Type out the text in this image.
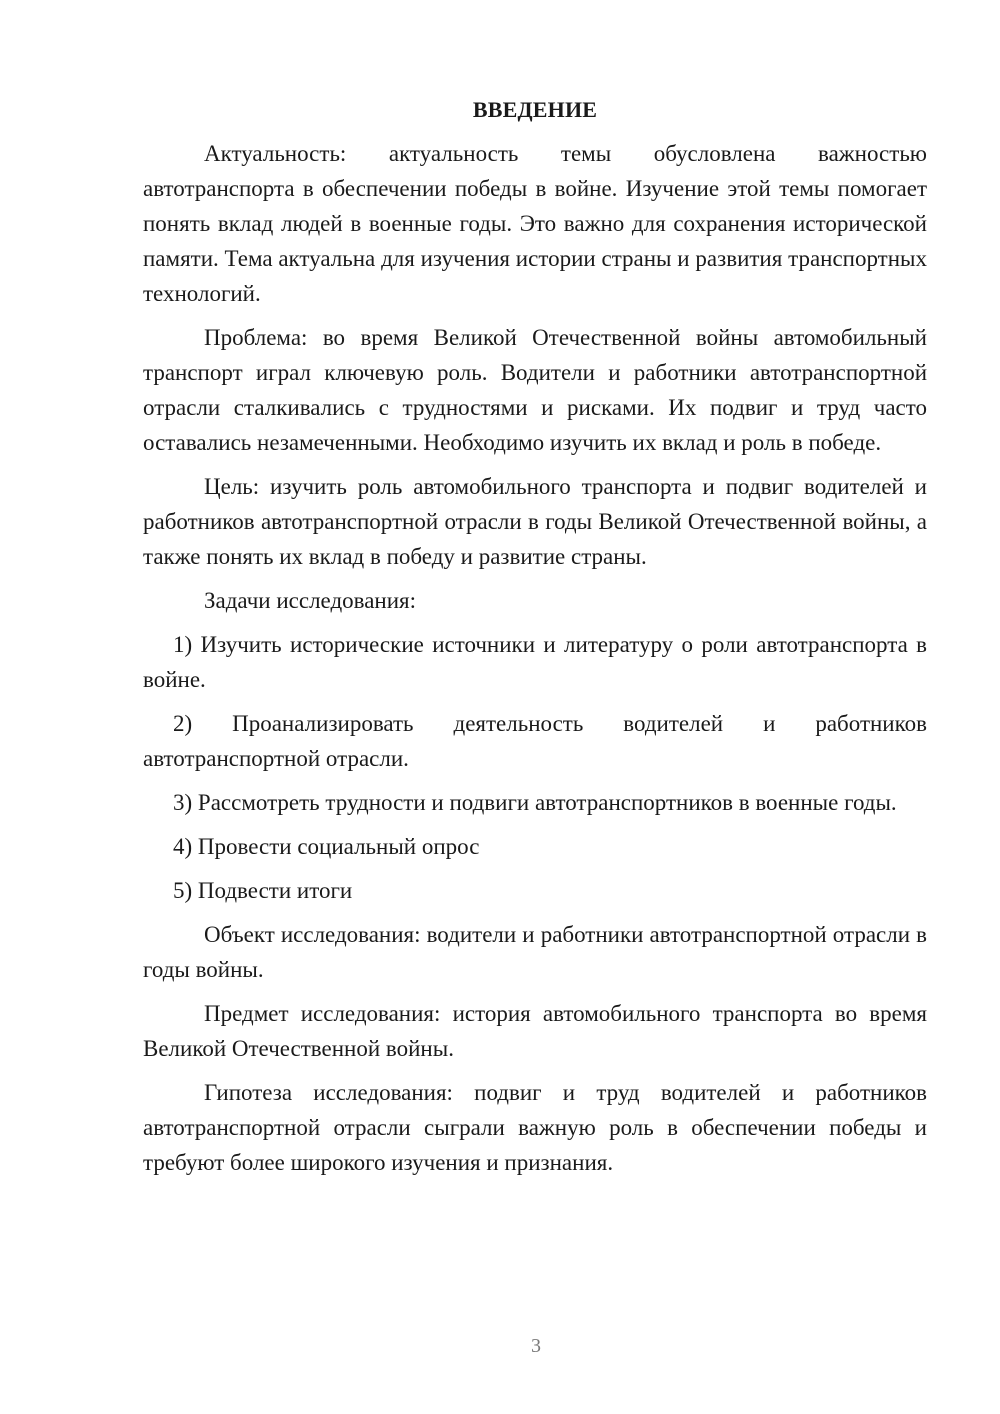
ВВЕДЕНИЕ

Актуальность: актуальность темы обусловлена важностью автотранспорта в обеспечении победы в войне. Изучение этой темы помогает понять вклад людей в военные годы. Это важно для сохранения исторической памяти. Тема актуальна для изучения истории страны и развития транспортных технологий.

Проблема: во время Великой Отечественной войны автомобильный транспорт играл ключевую роль. Водители и работники автотранспортной отрасли сталкивались с трудностями и рисками. Их подвиг и труд часто оставались незамеченными. Необходимо изучить их вклад и роль в победе.

Цель: изучить роль автомобильного транспорта и подвиг водителей и работников автотранспортной отрасли в годы Великой Отечественной войны, а также понять их вклад в победу и развитие страны.

Задачи исследования:

1) Изучить исторические источники и литературу о роли автотранспорта в войне.

2) Проанализировать деятельность водителей и работников автотранспортной отрасли.

3) Рассмотреть трудности и подвиги автотранспортников в военные годы.

4) Провести социальный опрос

5) Подвести итоги

Объект исследования: водители и работники автотранспортной отрасли в годы войны.

Предмет исследования: история автомобильного транспорта во время Великой Отечественной войны.

Гипотеза исследования: подвиг и труд водителей и работников автотранспортной отрасли сыграли важную роль в обеспечении победы и требуют более широкого изучения и признания.

3
